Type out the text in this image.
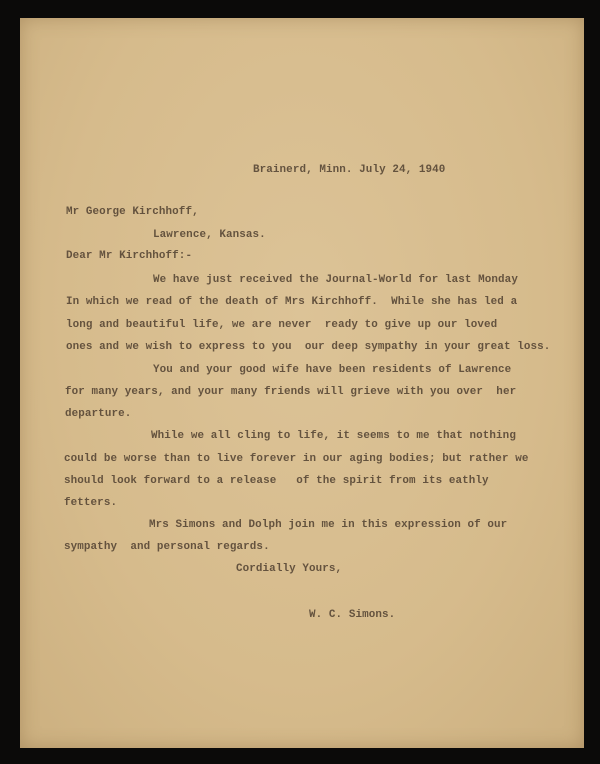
Brainerd, Minn. July 24, 1940
Mr George Kirchhoff,
Lawrence, Kansas.
Dear Mr Kirchhoff:-
We have just received the Journal-World for last Monday
In which we read of the death of Mrs Kirchhoff.  While she has led a
long and beautiful life, we are never  ready to give up our loved
ones and we wish to express to you  our deep sympathy in your great loss.
You and your good wife have been residents of Lawrence
for many years, and your many friends will grieve with you over  her
departure.
While we all cling to life, it seems to me that nothing
could be worse than to live forever in our aging bodies; but rather we
should look forward to a release   of the spirit from its eathly
fetters.
Mrs Simons and Dolph join me in this expression of our
sympathy  and personal regards.
Cordially Yours,
W. C. Simons.
